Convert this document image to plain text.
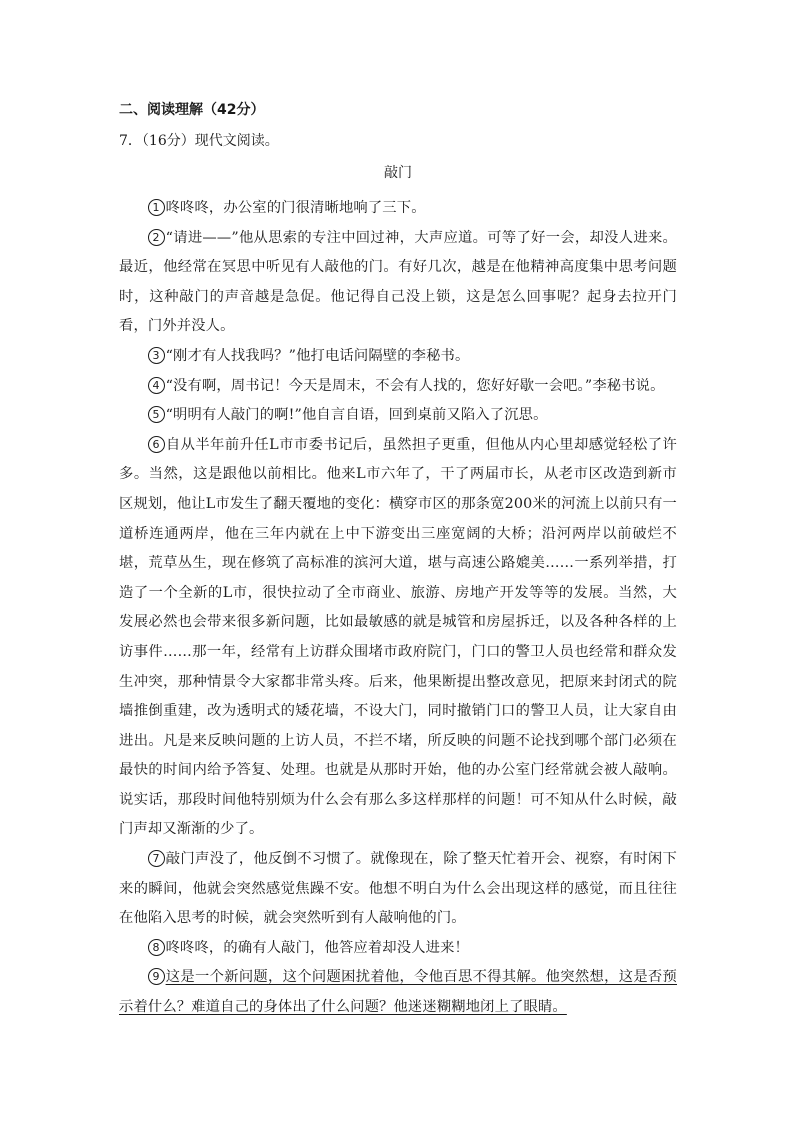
二、阅读理解（42分）
7．（16分）现代文阅读。
敲门

1 咚咚咚，办公室的门很清晰地响了三下。

2 “请进——”他从思索的专注中回过神，大声应道。可等了好一会，却没人进来。最近，他经常在冥思中听见有人敲他的门。有好几次，越是在他精神高度集中思考问题时，这种敲门的声音越是急促。他记得自己没上锁，这是怎么回事呢？起身去拉开门看，门外并没人。

3 “刚才有人找我吗？”他打电话问隔壁的李秘书。

4 “没有啊，周书记！今天是周末，不会有人找的，您好好歇一会吧。”李秘书说。

5 “明明有人敲门的啊!”他自言自语，回到桌前又陷入了沉思。

6 自从半年前升任L市市委书记后，虽然担子更重，但他从内心里却感觉轻松了许多。当然，这是跟他以前相比。他来L市六年了，干了两届市长，从老市区改造到新市区规划，他让L市发生了翻天覆地的变化：横穿市区的那条宽200米的河流上以前只有一道桥连通两岸，他在三年内就在上中下游变出三座宽阔的大桥；沿河两岸以前破烂不堪，荒草丛生，现在修筑了高标准的滨河大道，堪与高速公路媲美……一系列举措，打造了一个全新的L市，很快拉动了全市商业、旅游、房地产开发等等的发展。当然，大发展必然也会带来很多新问题，比如最敏感的就是城管和房屋拆迁，以及各种各样的上访事件……那一年，经常有上访群众围堵市政府院门，门口的警卫人员也经常和群众发生冲突，那种情景令大家都非常头疼。后来，他果断提出整改意见，把原来封闭式的院墙推倒重建，改为透明式的矮花墙，不设大门，同时撤销门口的警卫人员，让大家自由进出。凡是来反映问题的上访人员，不拦不堵，所反映的问题不论找到哪个部门必须在最快的时间内给予答复、处理。也就是从那时开始，他的办公室门经常就会被人敲响。说实话，那段时间他特别烦为什么会有那么多这样那样的问题！可不知从什么时候，敲门声却又渐渐的少了。

7 敲门声没了，他反倒不习惯了。就像现在，除了整天忙着开会、视察，有时闲下来的瞬间，他就会突然感觉焦躁不安。他想不明白为什么会出现这样的感觉，而且往往在他陷入思考的时候，就会突然听到有人敲响他的门。

8 咚咚咚，的确有人敲门，他答应着却没人进来！

9 这是一个新问题，这个问题困扰着他，令他百思不得其解。他突然想，这是否预示着什么？难道自己的身体出了什么问题？他迷迷糊糊地闭上了眼睛。
